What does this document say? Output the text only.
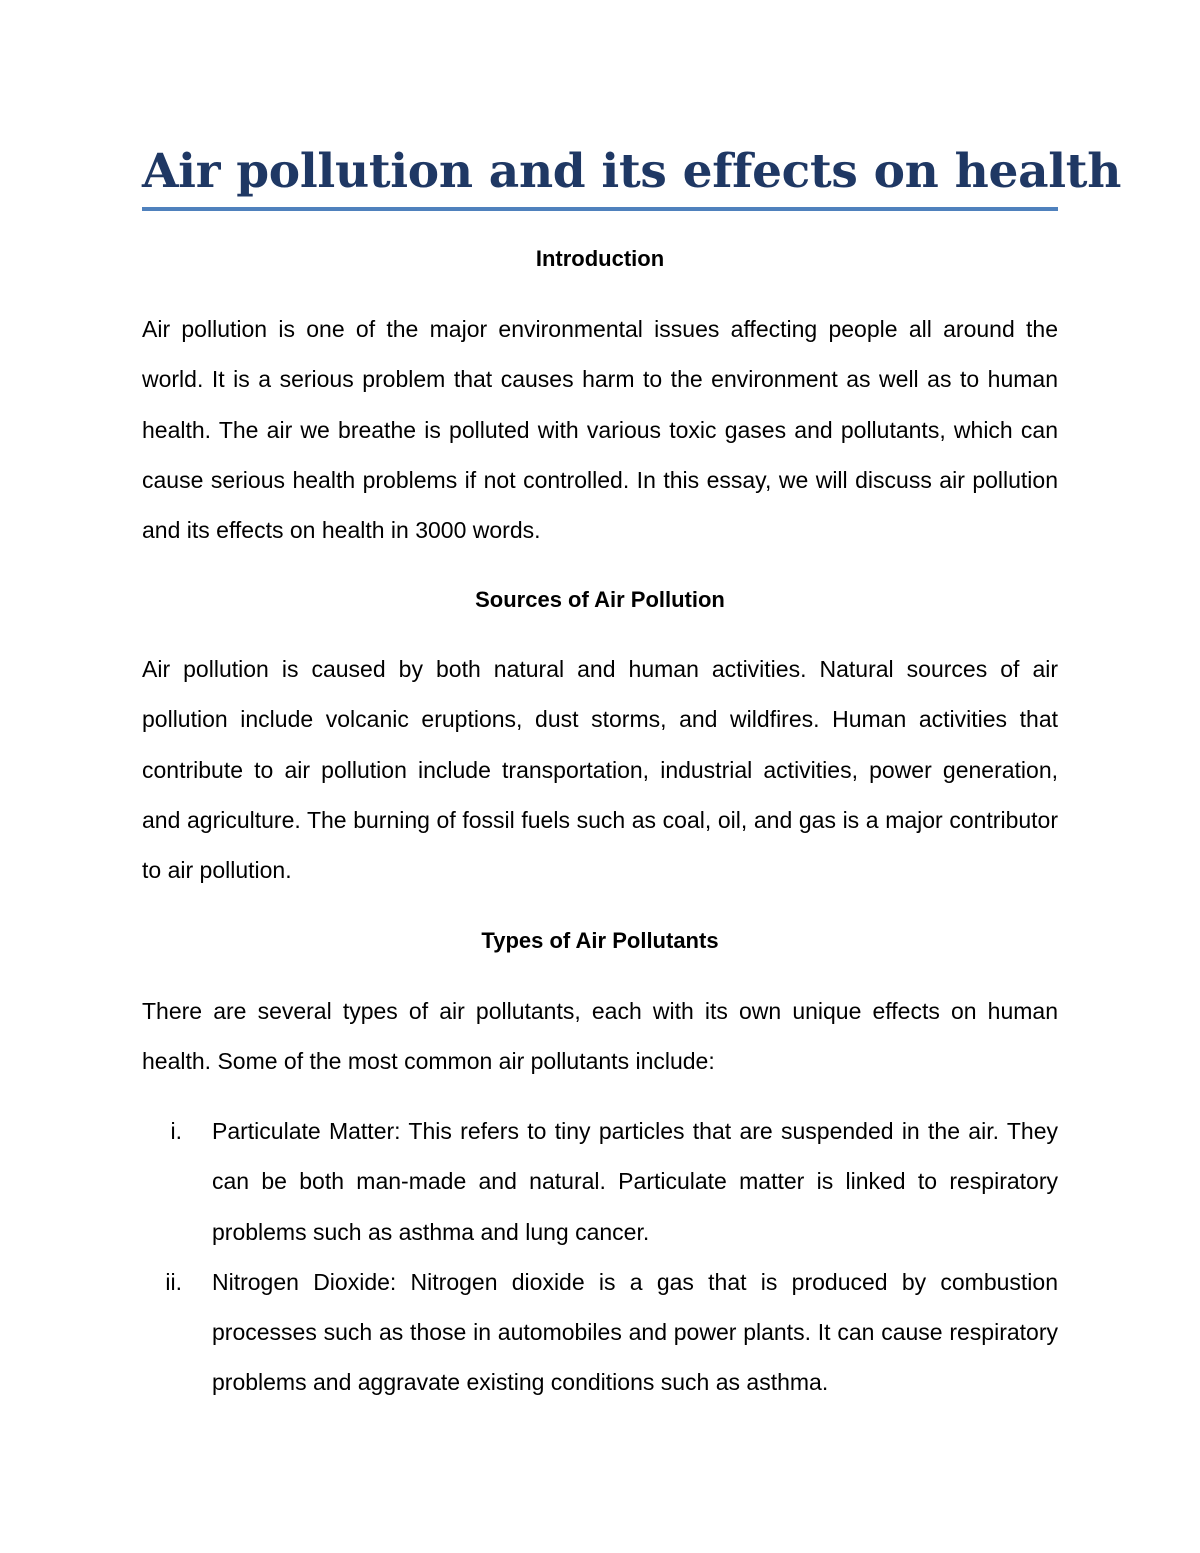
Air pollution and its effects on health
Introduction

Air pollution is one of the major environmental issues affecting people all around the world. It is a serious problem that causes harm to the environment as well as to human health. The air we breathe is polluted with various toxic gases and pollutants, which can cause serious health problems if not controlled. In this essay, we will discuss air pollution and its effects on health in 3000 words.

Sources of Air Pollution

Air pollution is caused by both natural and human activities. Natural sources of air pollution include volcanic eruptions, dust storms, and wildfires. Human activities that contribute to air pollution include transportation, industrial activities, power generation, and agriculture. The burning of fossil fuels such as coal, oil, and gas is a major contributor to air pollution.

Types of Air Pollutants

There are several types of air pollutants, each with its own unique effects on human health. Some of the most common air pollutants include:

i. Particulate Matter: This refers to tiny particles that are suspended in the air. They can be both man-made and natural. Particulate matter is linked to respiratory problems such as asthma and lung cancer.
ii. Nitrogen Dioxide: Nitrogen dioxide is a gas that is produced by combustion processes such as those in automobiles and power plants. It can cause respiratory problems and aggravate existing conditions such as asthma.
